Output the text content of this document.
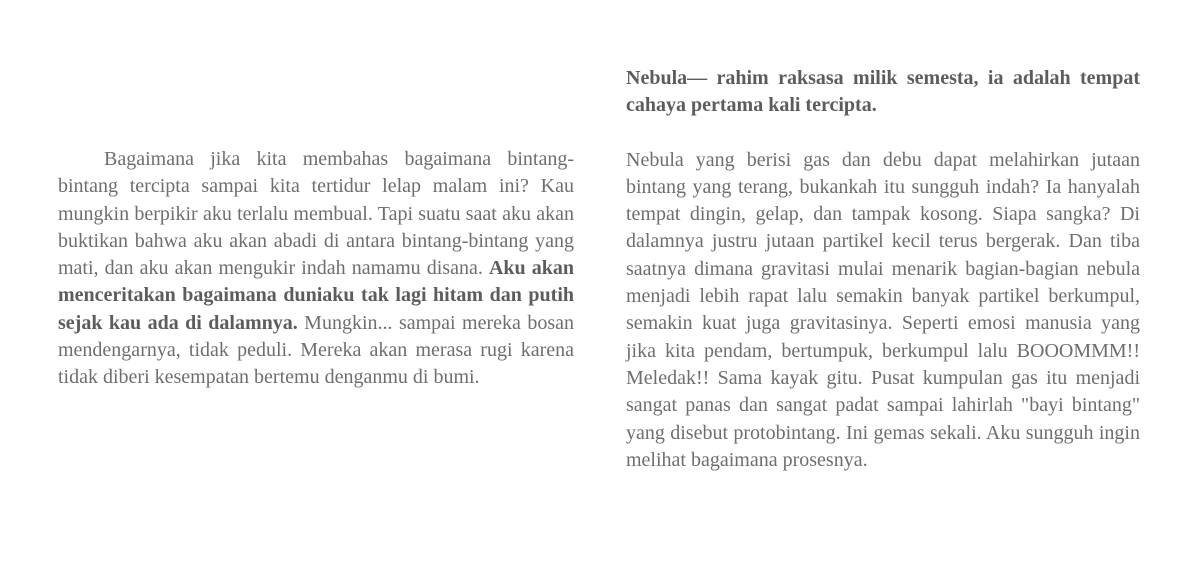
Bagaimana jika kita membahas bagaimana bintang-bintang tercipta sampai kita tertidur lelap malam ini? Kau mungkin berpikir aku terlalu membual. Tapi suatu saat aku akan buktikan bahwa aku akan abadi di antara bintang-bintang yang mati, dan aku akan mengukir indah namamu disana. Aku akan menceritakan bagaimana duniaku tak lagi hitam dan putih sejak kau ada di dalamnya. Mungkin... sampai mereka bosan mendengarnya, tidak peduli. Mereka akan merasa rugi karena tidak diberi kesempatan bertemu denganmu di bumi.

Nebula— rahim raksasa milik semesta, ia adalah tempat cahaya pertama kali tercipta.

Nebula yang berisi gas dan debu dapat melahirkan jutaan bintang yang terang, bukankah itu sungguh indah? Ia hanyalah tempat dingin, gelap, dan tampak kosong. Siapa sangka? Di dalamnya justru jutaan partikel kecil terus bergerak. Dan tiba saatnya dimana gravitasi mulai menarik bagian-bagian nebula menjadi lebih rapat lalu semakin banyak partikel berkumpul, semakin kuat juga gravitasinya. Seperti emosi manusia yang jika kita pendam, bertumpuk, berkumpul lalu BOOOMMM!! Meledak!! Sama kayak gitu. Pusat kumpulan gas itu menjadi sangat panas dan sangat padat sampai lahirlah "bayi bintang" yang disebut protobintang. Ini gemas sekali. Aku sungguh ingin melihat bagaimana prosesnya.
